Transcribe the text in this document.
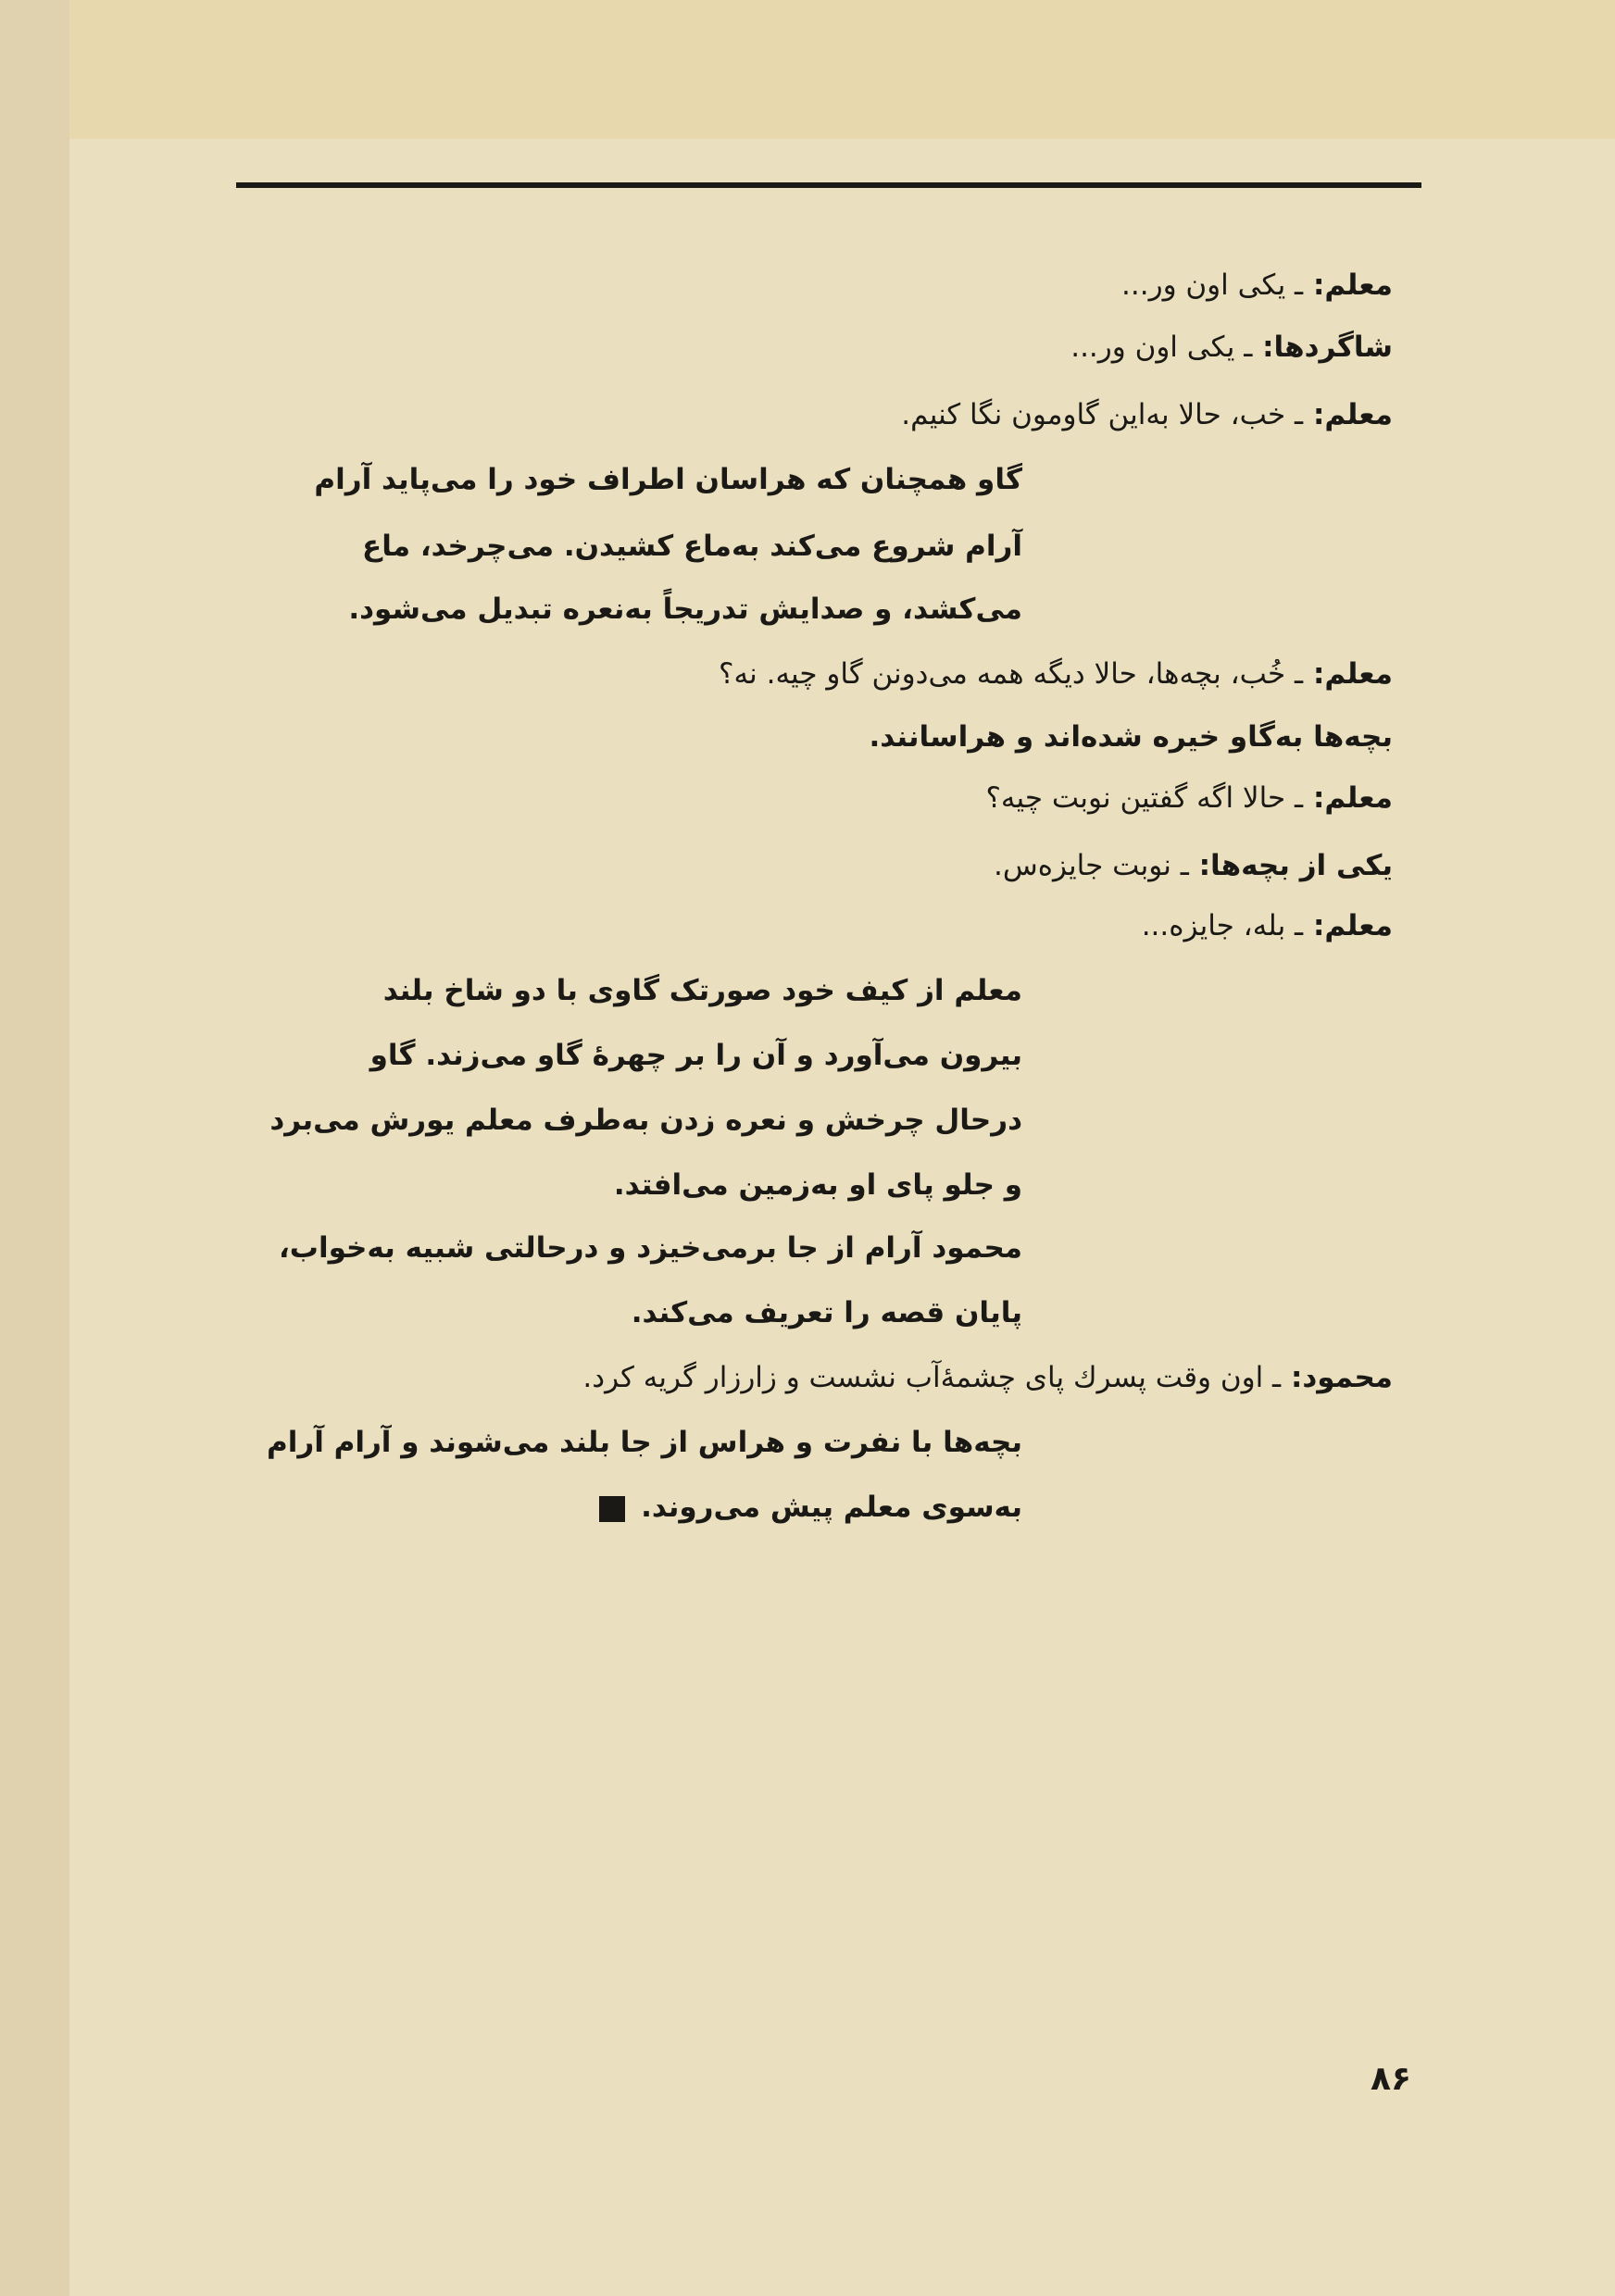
معلم: ـ یکی اون ور...
شاگردها: ـ یکی اون ور...
معلم: ـ خب، حالا به‌این گاومون نگا کنیم.
گاو همچنان که هراسان اطراف خود را می‌پاید آرام
آرام شروع می‌کند به‌ماع کشیدن. می‌چرخد، ماع
می‌کشد، و صدایش تدریجاً به‌نعره تبدیل می‌شود.
معلم: ـ خُب، بچه‌ها، حالا دیگه همه می‌دونن گاو چیه. نه؟
بچه‌ها به‌گاو خیره شده‌اند و هراسانند.
معلم: ـ حالا اگه گفتین نوبت چیه؟
یکی از بچه‌ها: ـ نوبت جایزه‌س.
معلم: ـ بله، جایزه...
معلم از کیف خود صورتک گاوی با دو شاخ بلند
بیرون می‌آورد و آن را بر چهرهٔ گاو می‌زند. گاو
درحال چرخش و نعره زدن به‌طرف معلم یورش می‌برد
و جلو پای او به‌زمین می‌افتد.
محمود آرام از جا برمی‌خیزد و درحالتی شبیه به‌خواب،
پایان قصه را تعریف می‌کند.
محمود: ـ اون وقت پسرك پای چشمهٔ‌آب نشست و زارزار گریه کرد.
بچه‌ها با نفرت و هراس از جا بلند می‌شوند و آرام آرام
به‌سوی معلم پیش می‌روند.
۸۶
